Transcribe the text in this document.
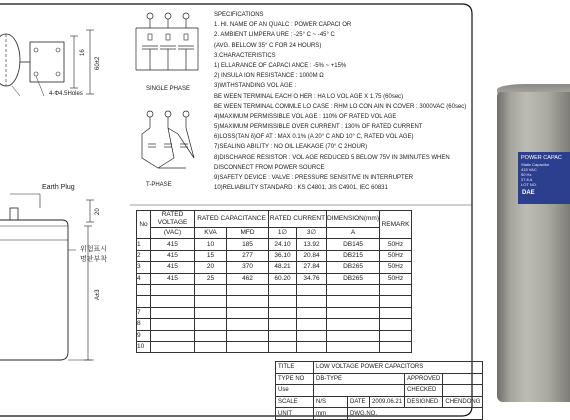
4-Φ4.5Holes
16
60±2
Earth Plug
20
위험표시
명판부착
A±3
SINGLE PHASE
T-PHASE
SPECIFICATIONS
1. HI. NAME OF AN QUALC : POWER CAPACI OR
2. AMBIENT LIMPERA URE : -25° C ~ -45° C
(AVG. BELLOW 35° C FOR 24 HOURS)
3.CHARACTERISTICS
1) ELLARANCE OF CAPACI ANCE : -5% ~ +15%
2) INSULA ION RESISTANCE : 1000M Ω
3)WITHSTANDING VOL AGE :
BE WEEN TERMINAL EACH O HER : HA LO VOL AGE X 1.75 (60sec)
BE WEEN TERMINAL COMMLE LO CASE : RHM LO CON AIN IN COVER : 3000VAC (60sec)
4)MAXIMUM PERMISSIBLE VOL AGE : 110% OF RATED VOL AGE
5)MAXIMUM PERMISSIBLE OVER CURRENT : 130% OF RATED CURRENT
6)LOSS(TAN δ)OF AT : MAX 0.1% (A 20° C AND 10° C, RATED VOL AGE)
7)SEALING ABILITY : NO OIL LEAKAGE (70° C 2HOUR)
8)DISCHARGE RESISTOR : VOL AGE REDUCED 5 BELOW 75V IN 3MINUTES WHEN
DISCONNECT FROM POWER SOURCE
9)SAFETY DEVICE : VALVE : PRESSURE SENSITIVE IN INTERRUPTER
10)RELIABILITY STANDARD : KS C4801, JIS C4901, IEC 60831
No	RATED VOLTAGE	RATED CAPACITANCE		RATED CURRENT		DIMENSION(mm)	REMARK
	(VAC)	KVA	MFD	1∅	3∅	A	
1	415	10	185	24.10	13.92	DB145	50Hz
2	415	15	277	36.10	20.84	DB215	50Hz
3	415	20	370	48.21	27.84	DB265	50Hz
4	415	25	462	60.20	34.76	DB265	50Hz

7							
8							
9							
10							
TITLE	LOW VOLTAGE POWER CAPACITORS				
TYPE NO	DB-TYPE			APPROVED	
Use				CHECKED	
SCALE	N/S	DATE	2009.06.21	DESIGNED	CHENDONG
UNIT	mm	DWG.NO.			
POWER CAPAC
Static Capacitor
415 VAC
50 Hz
27.8 A
LOT NO.
DAE
